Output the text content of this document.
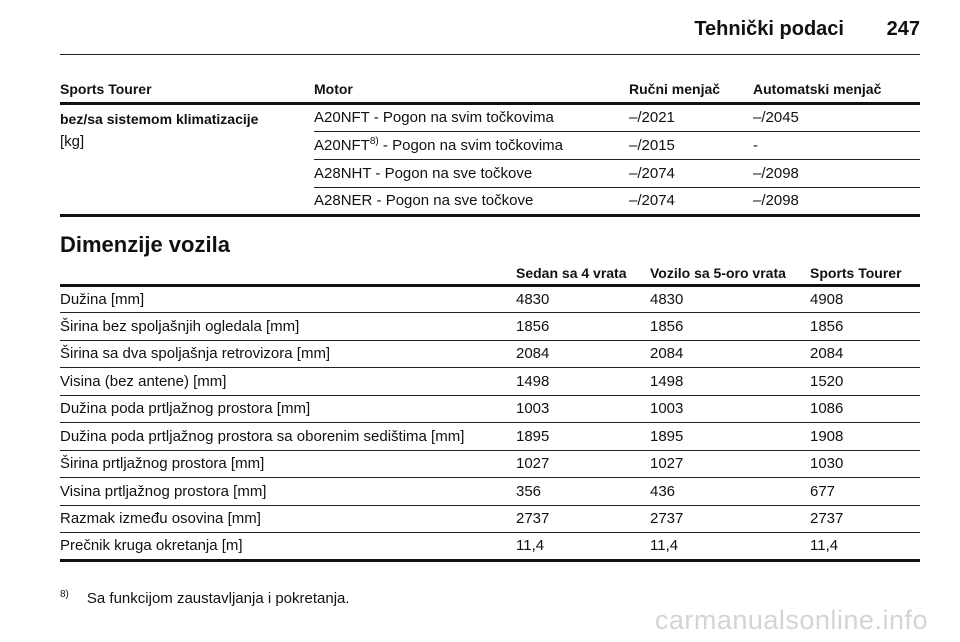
Tehnički podaci 247
Sports Tourer	Motor	Ručni menjač	Automatski menjač

bez/sa sistemom klimatizacije
[kg]	A20NFT - Pogon na svim točkovima	–/2021	–/2045
	A20NFT$^{8)}$ - Pogon na svim točkovima	–/2015	-
	A28NHT - Pogon na sve točkove	–/2074	–/2098
	A28NER - Pogon na sve točkove	–/2074	–/2098
Dimenzije vozila
	Sedan sa 4 vrata	Vozilo sa 5-oro vrata	Sports Tourer
Dužina [mm]	4830	4830	4908
Širina bez spoljašnjih ogledala [mm]	1856	1856	1856
Širina sa dva spoljašnja retrovizora [mm]	2084	2084	2084
Visina (bez antene) [mm]	1498	1498	1520
Dužina poda prtljažnog prostora [mm]	1003	1003	1086
Dužina poda prtljažnog prostora sa oborenim sedištima [mm]	1895	1895	1908
Širina prtljažnog prostora [mm]	1027	1027	1030
Visina prtljažnog prostora [mm]	356	436	677
Razmak između osovina [mm]	2737	2737	2737
Prečnik kruga okretanja [m]	11,4	11,4	11,4
$^{8)}$ Sa funkcijom zaustavljanja i pokretanja.
carmanualsonline.info
